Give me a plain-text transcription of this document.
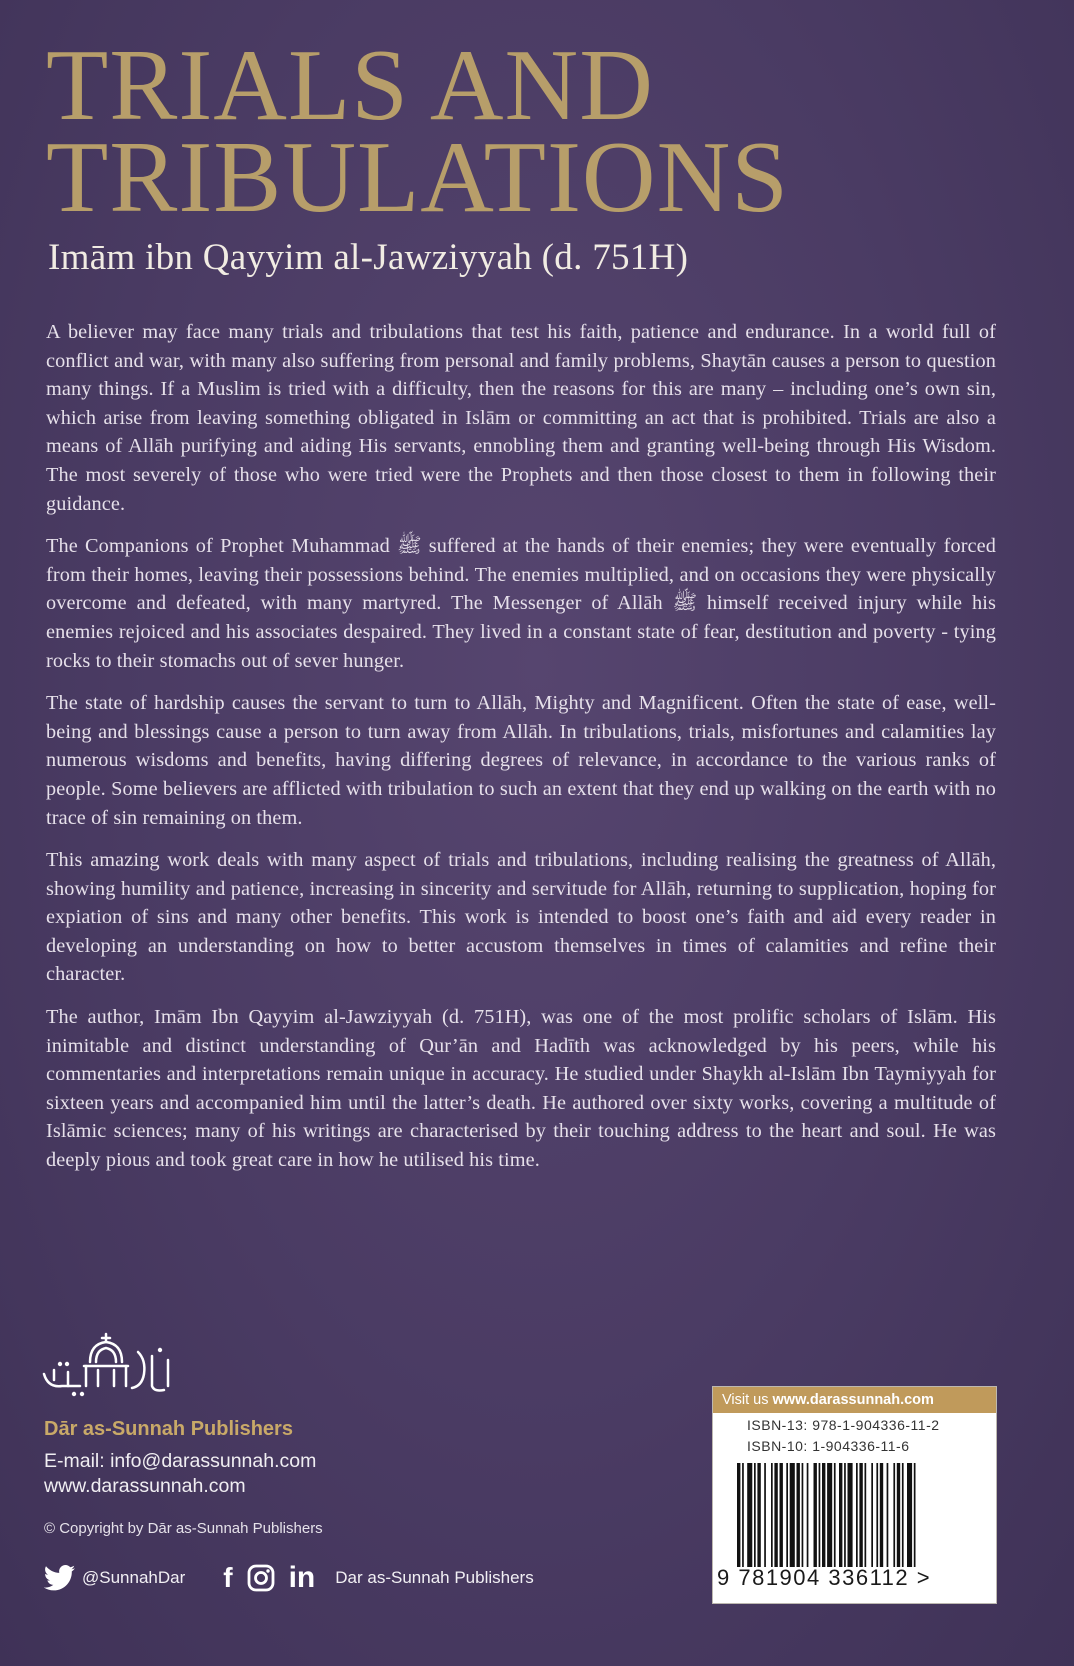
TRIALS AND
TRIBULATIONS
Imām ibn Qayyim al-Jawziyyah (d. 751H)

A believer may face many trials and tribulations that test his faith, patience and endurance. In a world full of conflict and war, with many also suffering from personal and family problems, Shaytān causes a person to question many things. If a Muslim is tried with a difficulty, then the reasons for this are many – including one’s own sin, which arise from leaving something obligated in Islām or committing an act that is prohibited. Trials are also a means of Allāh purifying and aiding His servants, ennobling them and granting well-being through His Wisdom. The most severely of those who were tried were the Prophets and then those closest to them in following their guidance.

The Companions of Prophet Muhammad ﷺ suffered at the hands of their enemies; they were eventually forced from their homes, leaving their possessions behind. The enemies multiplied, and on occasions they were physically overcome and defeated, with many martyred. The Messenger of Allāh ﷺ himself received injury while his enemies rejoiced and his associates despaired. They lived in a constant state of fear, destitution and poverty - tying rocks to their stomachs out of sever hunger.

The state of hardship causes the servant to turn to Allāh, Mighty and Magnificent. Often the state of ease, well-being and blessings cause a person to turn away from Allāh. In tribulations, trials, misfortunes and calamities lay numerous wisdoms and benefits, having differing degrees of relevance, in accordance to the various ranks of people. Some believers are afflicted with tribulation to such an extent that they end up walking on the earth with no trace of sin remaining on them.

This amazing work deals with many aspect of trials and tribulations, including realising the greatness of Allāh, showing humility and patience, increasing in sincerity and servitude for Allāh, returning to supplication, hoping for expiation of sins and many other benefits. This work is intended to boost one’s faith and aid every reader in developing an understanding on how to better accustom themselves in times of calamities and refine their character.

The author, Imām Ibn Qayyim al-Jawziyyah (d. 751H), was one of the most prolific scholars of Islām. His inimitable and distinct understanding of Qur’ān and Hadīth was acknowledged by his peers, while his commentaries and interpretations remain unique in accuracy. He studied under Shaykh al-Islām Ibn Taymiyyah for sixteen years and accompanied him until the latter’s death. He authored over sixty works, covering a multitude of Islāmic sciences; many of his writings are characterised by their touching address to the heart and soul. He was deeply pious and took great care in how he utilised his time.

Dār as-Sunnah Publishers
E-mail: info@darassunnah.com
www.darassunnah.com
© Copyright by Dār as-Sunnah Publishers
@SunnahDar f in Dar as-Sunnah Publishers
Visit us www.darassunnah.com
ISBN-13: 978-1-904336-11-2
ISBN-10: 1-904336-11-6
9 781904 336112 >
